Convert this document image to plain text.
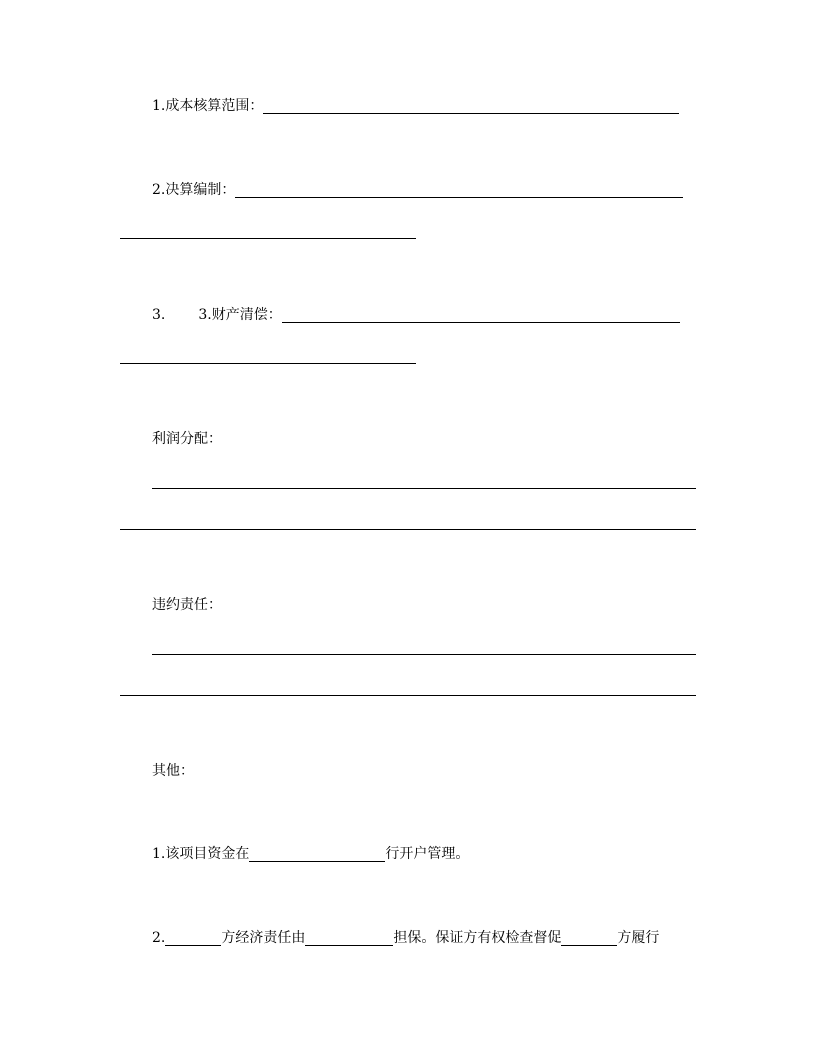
1.成本核算范围：
2.决算编制：
3. 3.财产清偿：
利润分配：
违约责任：
其他：
1.该项目资金在	行开户管理。
2.	方经济责任由	担保。保证方有权检查督促	方履行
